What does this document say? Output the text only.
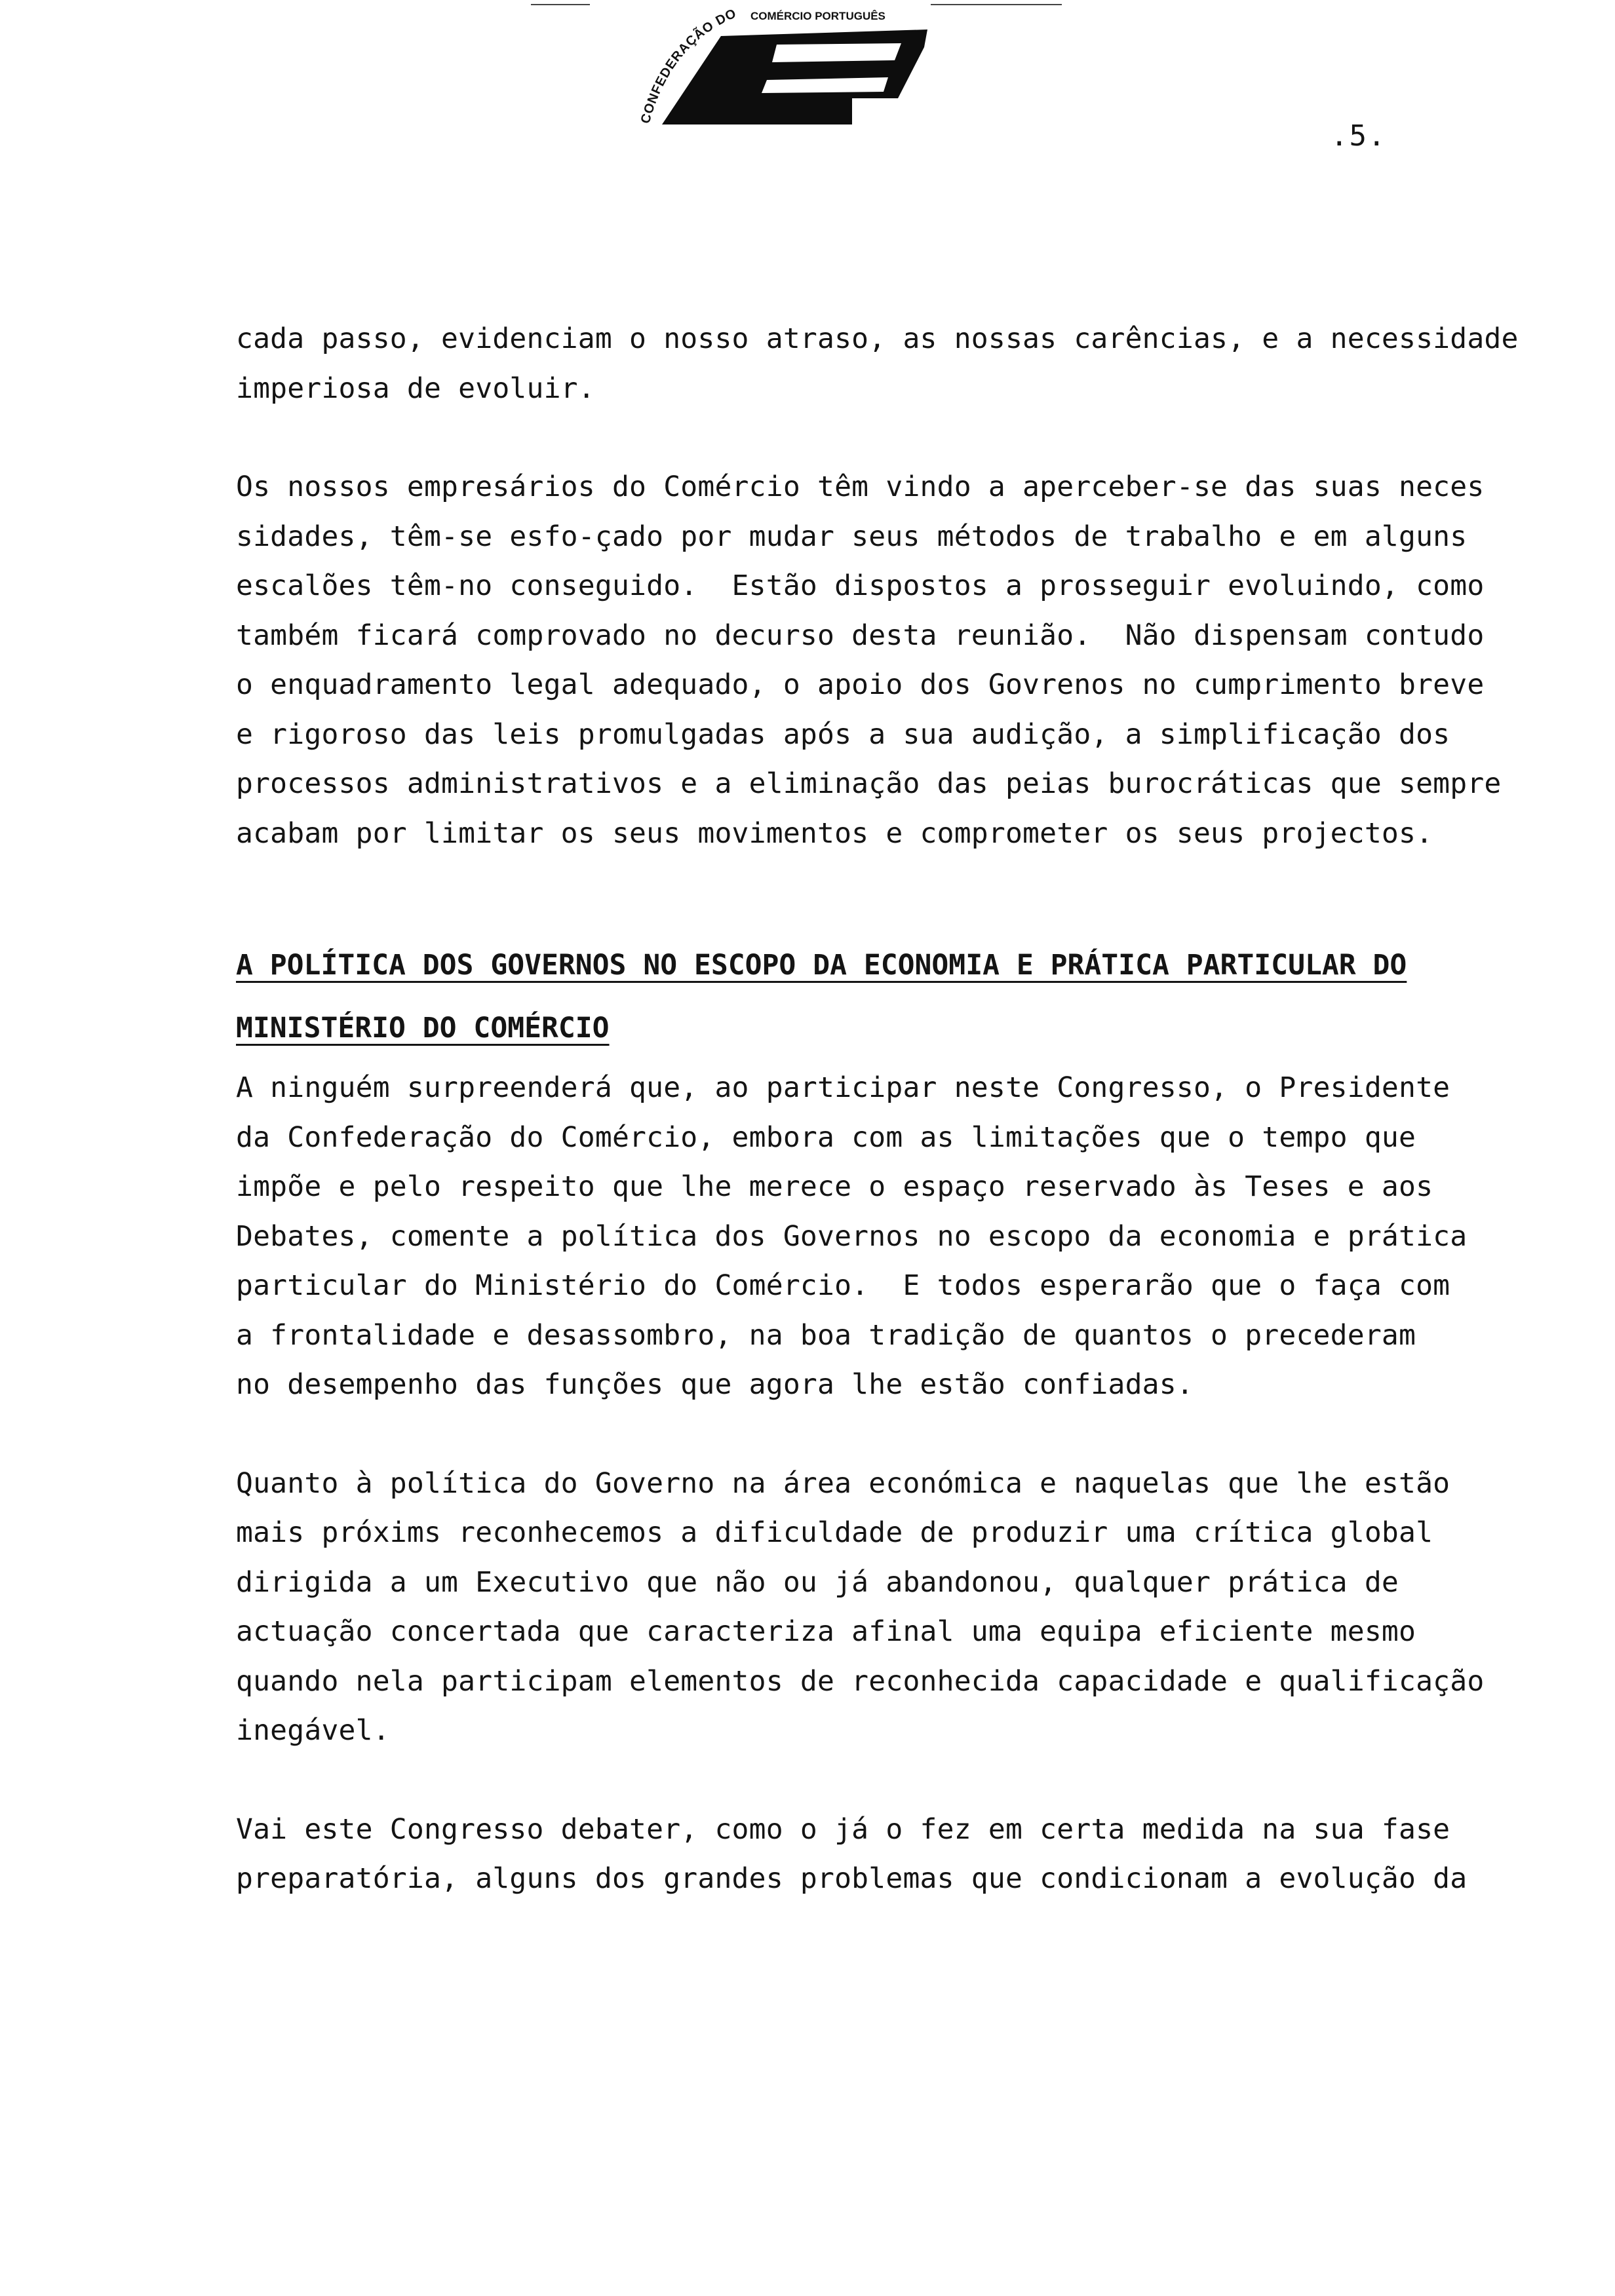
CONFEDERAÇÃO DO COMÉRCIO PORTUGUÊS
.5.

cada passo, evidenciam o nosso atraso, as nossas carências, e a necessidade
imperiosa de evoluir.

Os nossos empresários do Comércio têm vindo a aperceber-se das suas neces
sidades, têm-se esfo-çado por mudar seus métodos de trabalho e em alguns
escalões têm-no conseguido.  Estão dispostos a prosseguir evoluindo, como
também ficará comprovado no decurso desta reunião.  Não dispensam contudo
o enquadramento legal adequado, o apoio dos Govrenos no cumprimento breve
e rigoroso das leis promulgadas após a sua audição, a simplificação dos
processos administrativos e a eliminação das peias burocráticas que sempre
acabam por limitar os seus movimentos e comprometer os seus projectos.

A POLÍTICA DOS GOVERNOS NO ESCOPO DA ECONOMIA E PRÁTICA PARTICULAR DO
MINISTÉRIO DO COMÉRCIO

A ninguém surpreenderá que, ao participar neste Congresso, o Presidente
da Confederação do Comércio, embora com as limitações que o tempo que
impõe e pelo respeito que lhe merece o espaço reservado às Teses e aos
Debates, comente a política dos Governos no escopo da economia e prática
particular do Ministério do Comércio.  E todos esperarão que o faça com
a frontalidade e desassombro, na boa tradição de quantos o precederam
no desempenho das funções que agora lhe estão confiadas.

Quanto à política do Governo na área económica e naquelas que lhe estão
mais próxims reconhecemos a dificuldade de produzir uma crítica global
dirigida a um Executivo que não ou já abandonou, qualquer prática de
actuação concertada que caracteriza afinal uma equipa eficiente mesmo
quando nela participam elementos de reconhecida capacidade e qualificação
inegável.

Vai este Congresso debater, como o já o fez em certa medida na sua fase
preparatória, alguns dos grandes problemas que condicionam a evolução da
